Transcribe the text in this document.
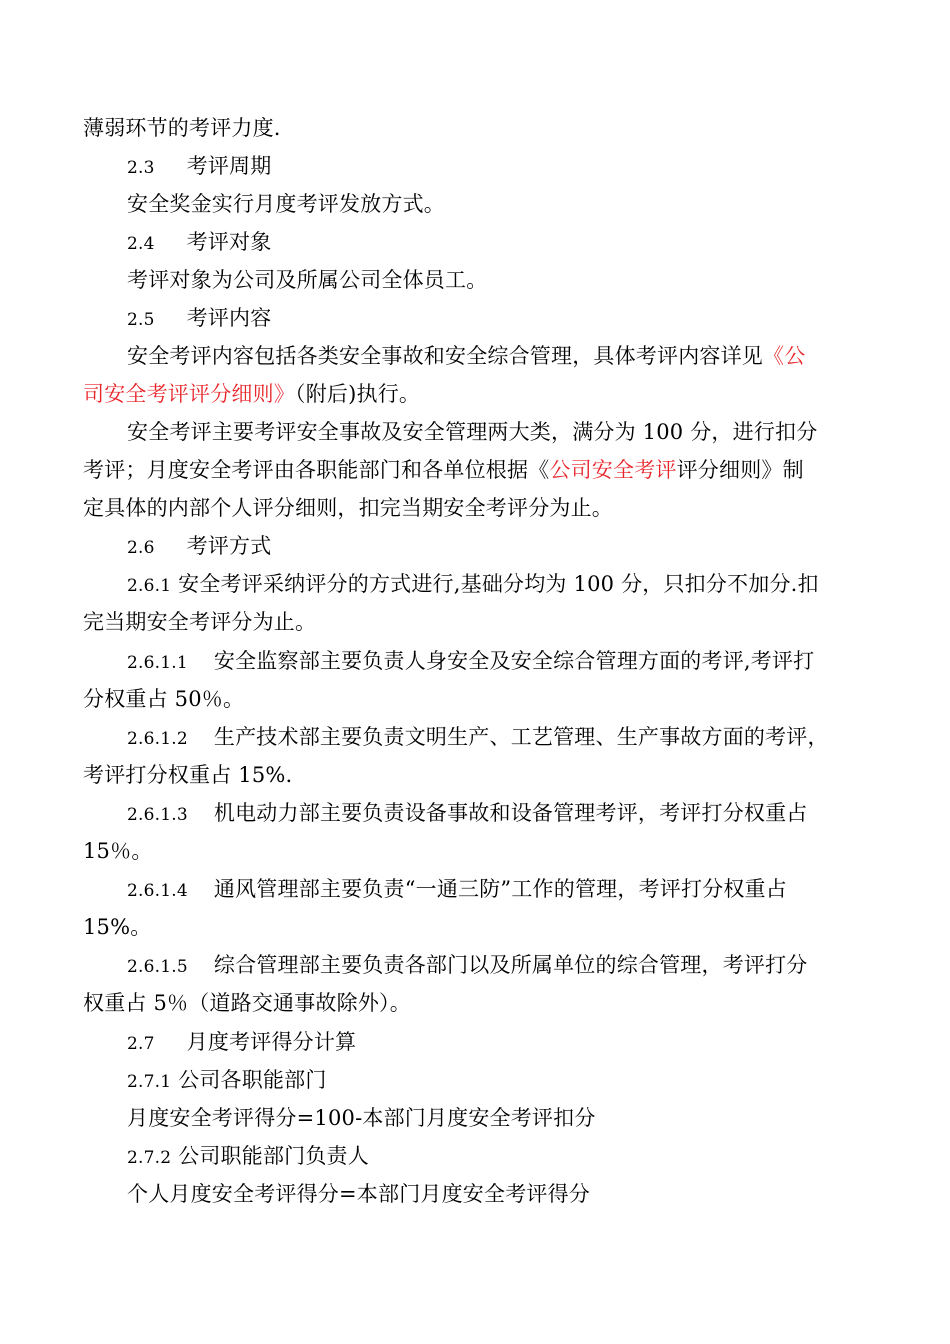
薄弱环节的考评力度.
2.3 考评周期
安全奖金实行月度考评发放方式。
2.4 考评对象
考评对象为公司及所属公司全体员工。
2.5 考评内容
安全考评内容包括各类安全事故和安全综合管理，具体考评内容详见《公
司安全考评评分细则》（附后)执行。
安全考评主要考评安全事故及安全管理两大类，满分为 100 分，进行扣分
考评；月度安全考评由各职能部门和各单位根据《公司安全考评评分细则》制
定具体的内部个人评分细则，扣完当期安全考评分为止。
2.6 考评方式
2.6.1 安全考评采纳评分的方式进行,基础分均为 100 分，只扣分不加分.扣
完当期安全考评分为止。
2.6.1.1 安全监察部主要负责人身安全及安全综合管理方面的考评,考评打
分权重占 50％。
2.6.1.2 生产技术部主要负责文明生产、工艺管理、生产事故方面的考评，
考评打分权重占 15%.
2.6.1.3 机电动力部主要负责设备事故和设备管理考评，考评打分权重占
15％。
2.6.1.4 通风管理部主要负责“一通三防”工作的管理，考评打分权重占
15%。
2.6.1.5 综合管理部主要负责各部门以及所属单位的综合管理，考评打分
权重占 5％（道路交通事故除外）。
2.7 月度考评得分计算
2.7.1 公司各职能部门
月度安全考评得分=100-本部门月度安全考评扣分
2.7.2 公司职能部门负责人
个人月度安全考评得分=本部门月度安全考评得分
